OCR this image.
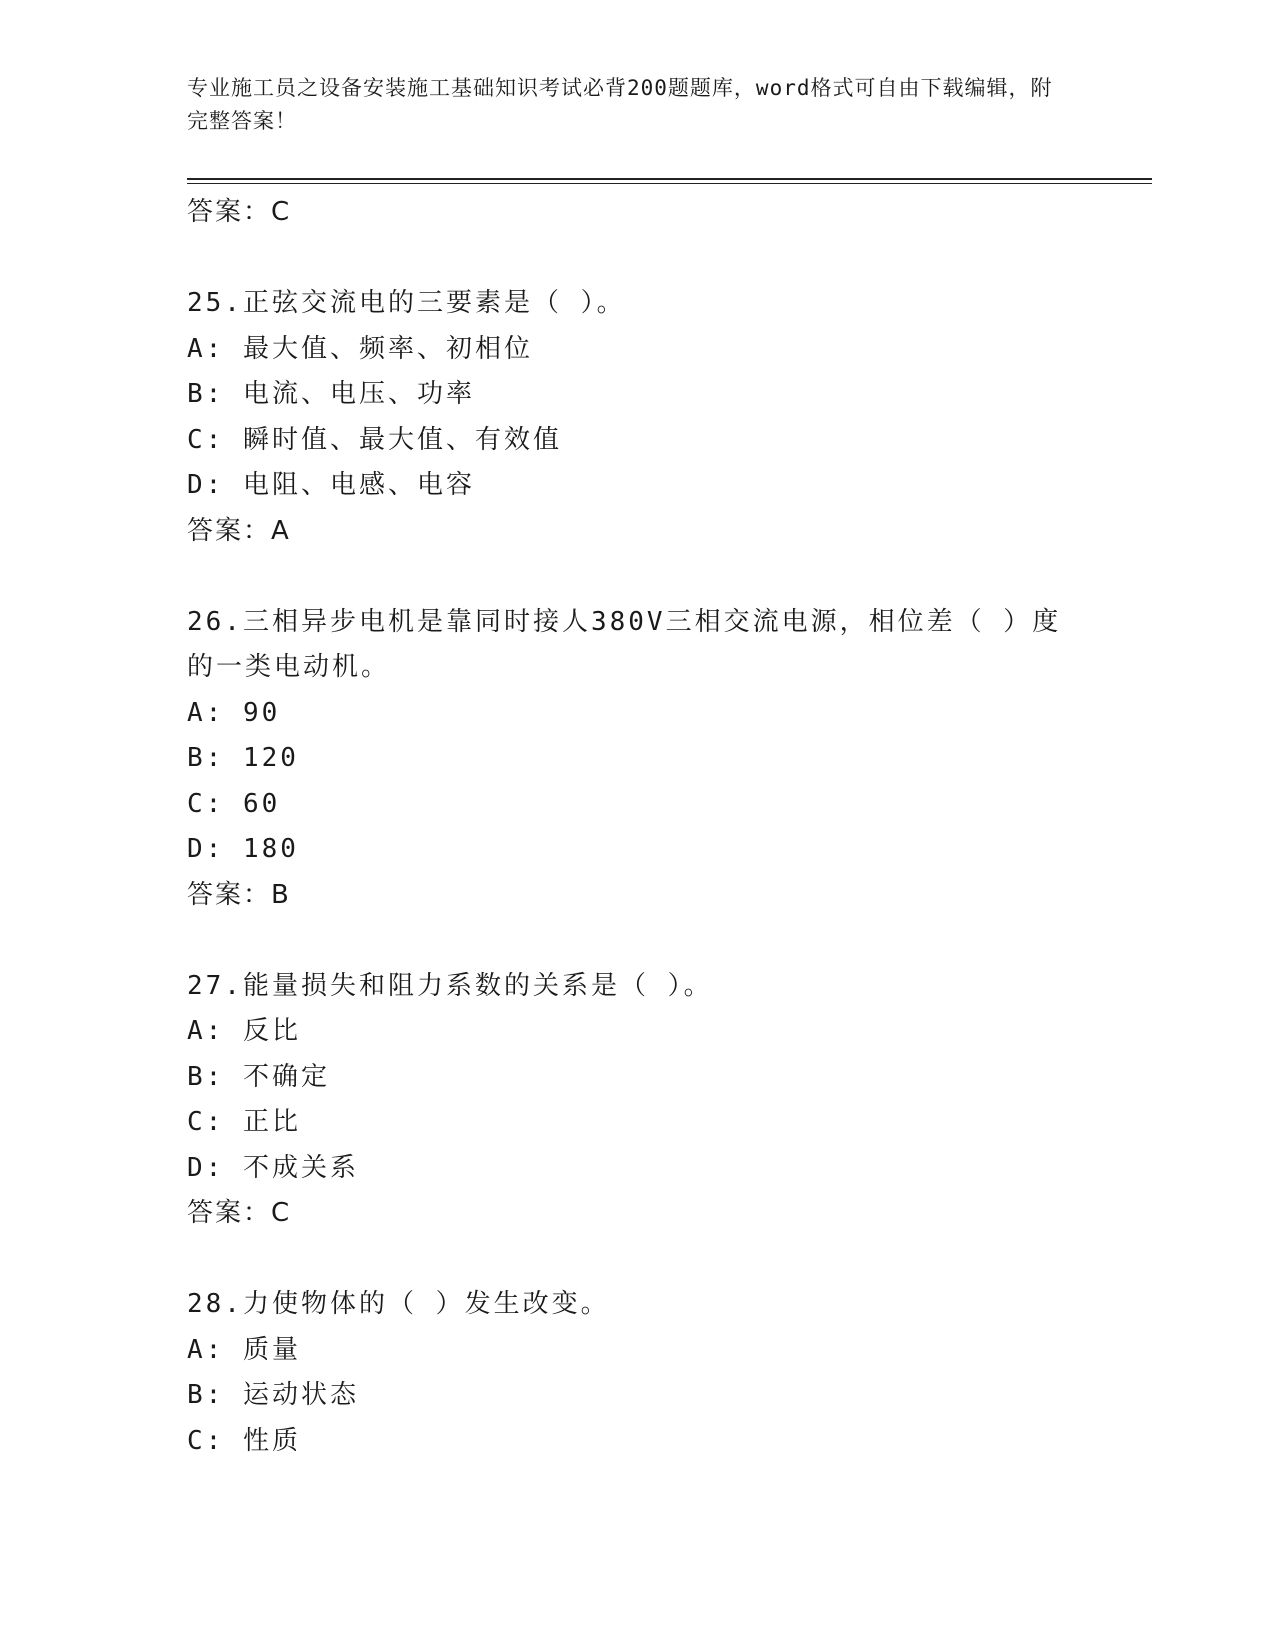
专业施工员之设备安装施工基础知识考试必背200题题库，word格式可自由下载编辑，附完整答案！
答案：C
25.正弦交流电的三要素是（ ）。
A: 最大值、频率、初相位
B: 电流、电压、功率
C: 瞬时值、最大值、有效值
D: 电阻、电感、电容
答案：A
26.三相异步电机是靠同时接人380V三相交流电源，相位差（ ）度的一类电动机。
A: 90
B: 120
C: 60
D: 180
答案：B
27.能量损失和阻力系数的关系是（ ）。
A: 反比
B: 不确定
C: 正比
D: 不成关系
答案：C
28.力使物体的（ ）发生改变。
A: 质量
B: 运动状态
C: 性质
